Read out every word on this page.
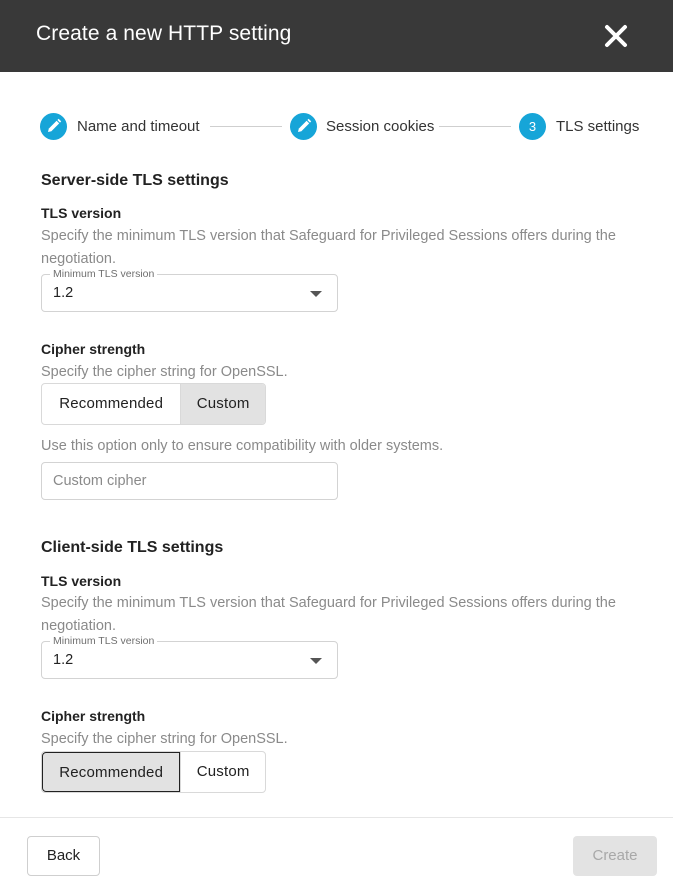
Create a new HTTP setting
Name and timeout	Session cookies	3	TLS settings
Server-side TLS settings
TLS version
Specify the minimum TLS version that Safeguard for Privileged Sessions offers during the negotiation.
Minimum TLS version
1.2
Cipher strength
Specify the cipher string for OpenSSL.
Recommended	Custom
Use this option only to ensure compatibility with older systems.
Custom cipher
Client-side TLS settings
TLS version
Specify the minimum TLS version that Safeguard for Privileged Sessions offers during the negotiation.
Minimum TLS version
1.2
Cipher strength
Specify the cipher string for OpenSSL.
Recommended	Custom
Back	Create
